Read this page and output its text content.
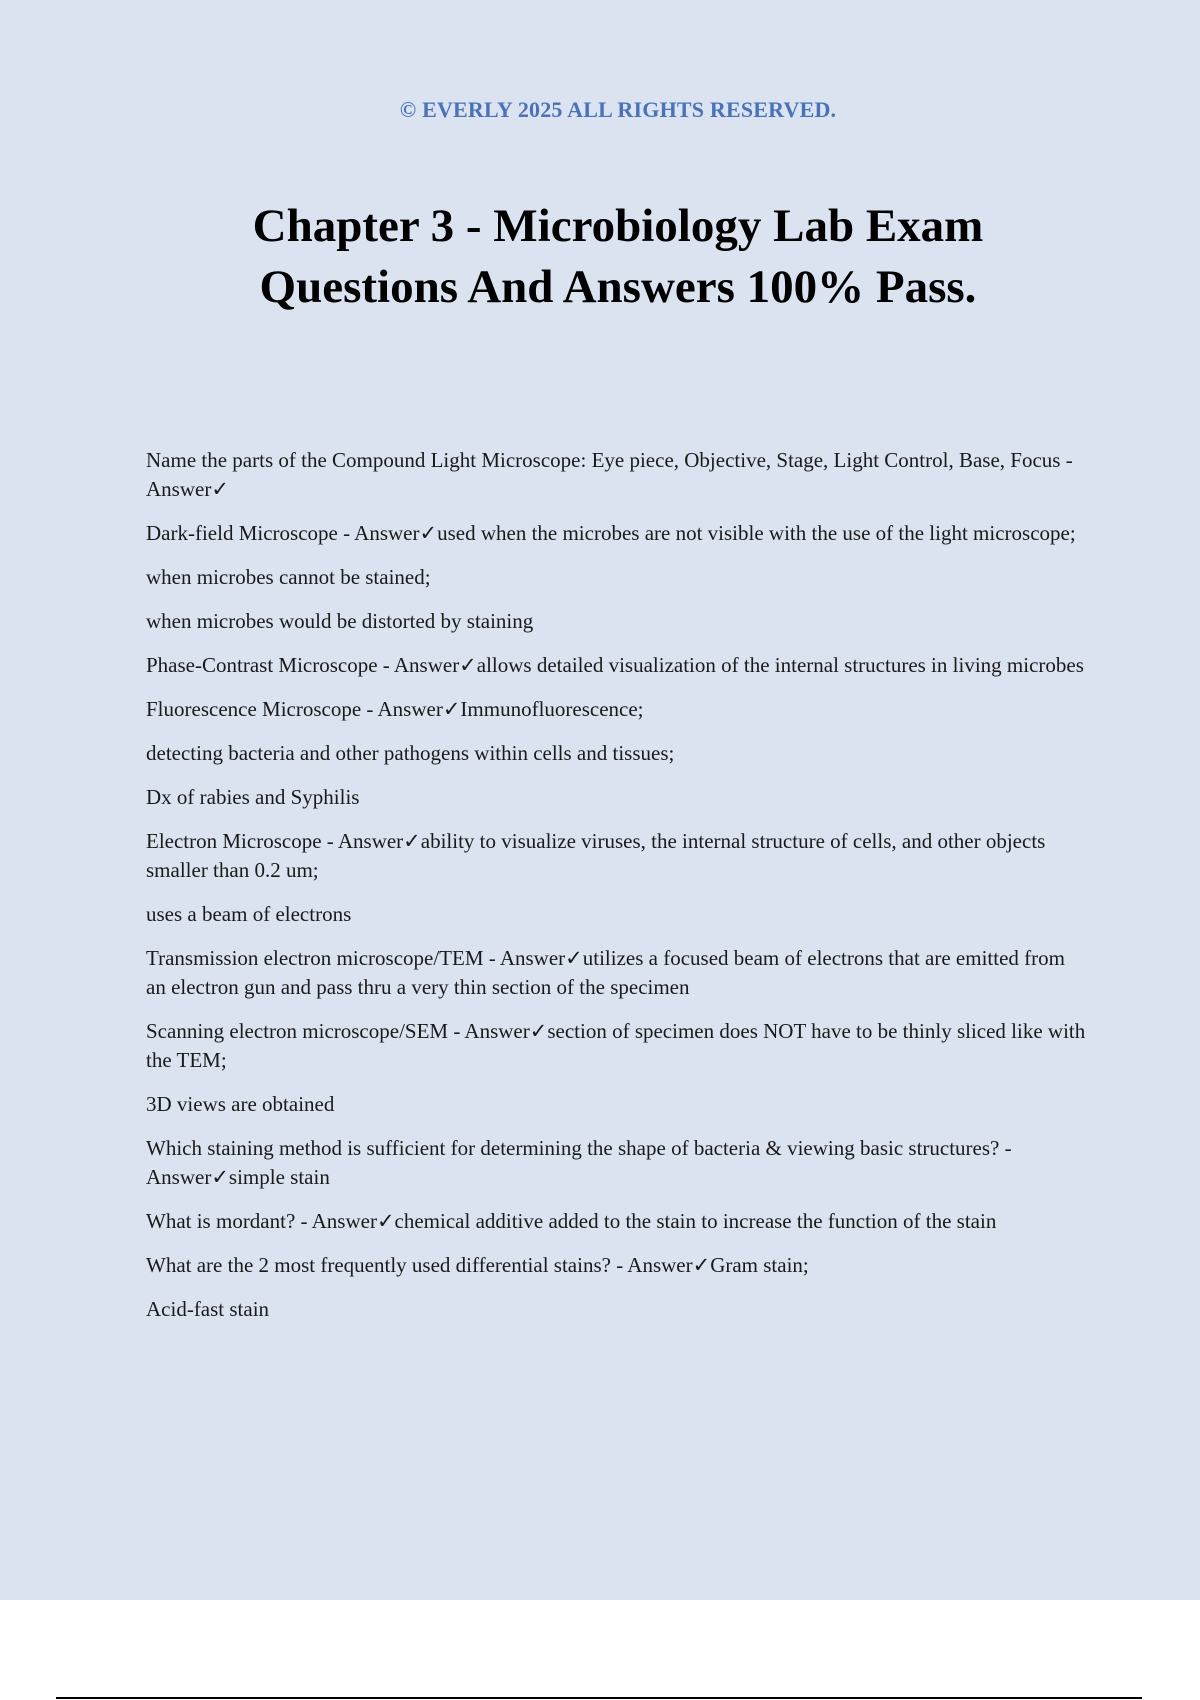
© EVERLY 2025 ALL RIGHTS RESERVED.
Chapter 3 - Microbiology Lab Exam
Questions And Answers 100% Pass.

Name the parts of the Compound Light Microscope: Eye piece, Objective, Stage, Light Control, Base, Focus - Answer✓

Dark-field Microscope - Answer✓used when the microbes are not visible with the use of the light microscope;

when microbes cannot be stained;

when microbes would be distorted by staining

Phase-Contrast Microscope - Answer✓allows detailed visualization of the internal structures in living microbes

Fluorescence Microscope - Answer✓Immunofluorescence;

detecting bacteria and other pathogens within cells and tissues;

Dx of rabies and Syphilis

Electron Microscope - Answer✓ability to visualize viruses, the internal structure of cells, and other objects smaller than 0.2 um;

uses a beam of electrons

Transmission electron microscope/TEM - Answer✓utilizes a focused beam of electrons that are emitted from an electron gun and pass thru a very thin section of the specimen

Scanning electron microscope/SEM - Answer✓section of specimen does NOT have to be thinly sliced like with the TEM;

3D views are obtained

Which staining method is sufficient for determining the shape of bacteria & viewing basic structures? - Answer✓simple stain

What is mordant? - Answer✓chemical additive added to the stain to increase the function of the stain

What are the 2 most frequently used differential stains? - Answer✓Gram stain;

Acid-fast stain
